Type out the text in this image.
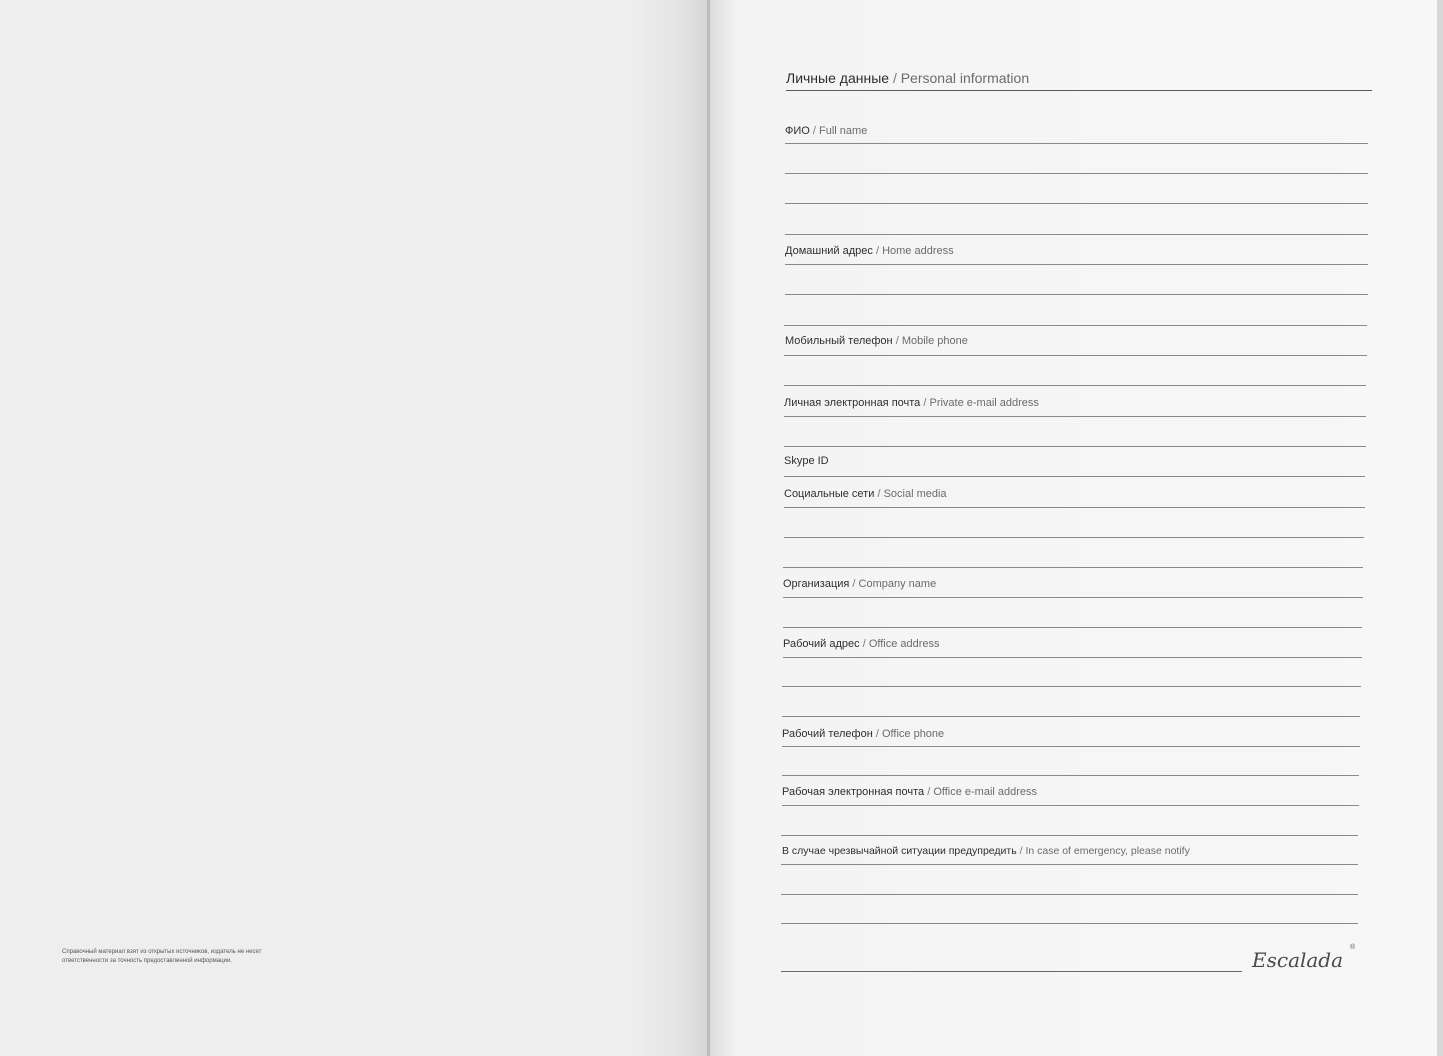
Справочный материал взят из открытых источников, издатель не несет ответственности за точность предоставленной информации.
Личные данные / Personal information
ФИО / Full name
Домашний адрес / Home address
Мобильный телефон / Mobile phone
Личная электронная почта / Private e-mail address
Skype ID
Социальные сети / Social media
Организация / Company name
Рабочий адрес / Office address
Рабочий телефон / Office phone
Рабочая электронная почта / Office e-mail address
В случае чрезвычайной ситуации предупредить / In case of emergency, please notify
Escalada
®
